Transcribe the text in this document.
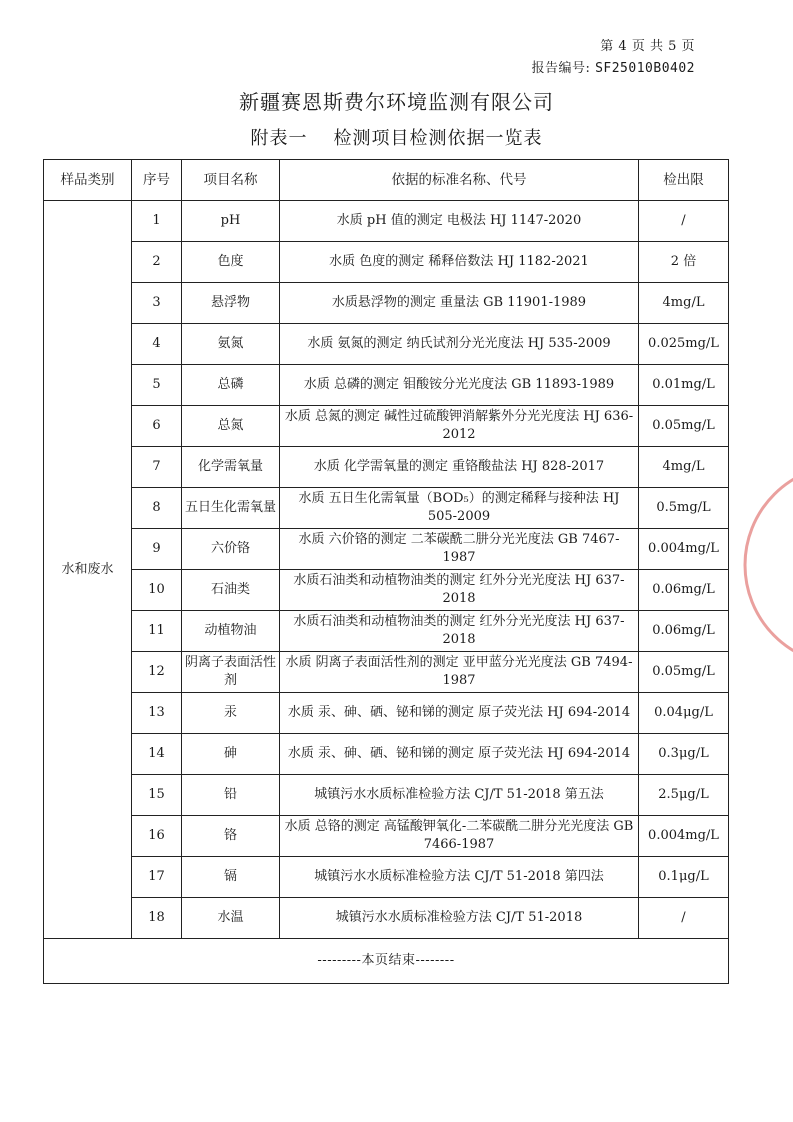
第 4 页 共 5 页
报告编号: SF25010B0402
新疆赛恩斯费尔环境监测有限公司
附表一 检测项目检测依据一览表
样品类别	序号	项目名称	依据的标准名称、代号	检出限
水和废水	1	pH	水质 pH 值的测定 电极法 HJ 1147-2020	/
	2	色度	水质 色度的测定 稀释倍数法 HJ 1182-2021	2 倍
	3	悬浮物	水质悬浮物的测定 重量法 GB 11901-1989	4mg/L
	4	氨氮	水质 氨氮的测定 纳氏试剂分光光度法 HJ 535-2009	0.025mg/L
	5	总磷	水质 总磷的测定 钼酸铵分光光度法 GB 11893-1989	0.01mg/L
	6	总氮	水质 总氮的测定 碱性过硫酸钾消解紫外分光光度法 HJ 636-2012	0.05mg/L
	7	化学需氧量	水质 化学需氧量的测定 重铬酸盐法 HJ 828-2017	4mg/L
	8	五日生化需氧量	水质 五日生化需氧量（BOD₅）的测定稀释与接种法 HJ 505-2009	0.5mg/L
	9	六价铬	水质 六价铬的测定 二苯碳酰二肼分光光度法 GB 7467-1987	0.004mg/L
	10	石油类	水质石油类和动植物油类的测定 红外分光光度法 HJ 637-2018	0.06mg/L
	11	动植物油	水质石油类和动植物油类的测定 红外分光光度法 HJ 637-2018	0.06mg/L
	12	阴离子表面活性剂	水质 阴离子表面活性剂的测定 亚甲蓝分光光度法 GB 7494-1987	0.05mg/L
	13	汞	水质 汞、砷、硒、铋和锑的测定 原子荧光法 HJ 694-2014	0.04μg/L
	14	砷	水质 汞、砷、硒、铋和锑的测定 原子荧光法 HJ 694-2014	0.3μg/L
	15	铅	城镇污水水质标准检验方法 CJ/T 51-2018 第五法	2.5μg/L
	16	铬	水质 总铬的测定 高锰酸钾氧化-二苯碳酰二肼分光光度法 GB 7466-1987	0.004mg/L
	17	镉	城镇污水水质标准检验方法 CJ/T 51-2018 第四法	0.1μg/L
	18	水温	城镇污水水质标准检验方法 CJ/T 51-2018	/
---------本页结束--------				
